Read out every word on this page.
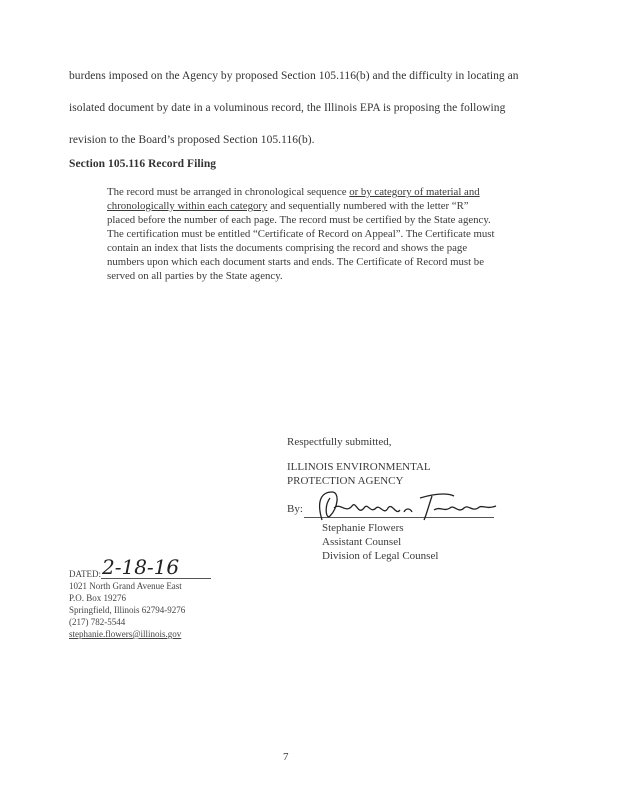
burdens imposed on the Agency by proposed Section 105.116(b) and the difficulty in locating an
isolated document by date in a voluminous record, the Illinois EPA is proposing the following
revision to the Board’s proposed Section 105.116(b).
Section 105.116 Record Filing
The record must be arranged in chronological sequence or by category of material and
chronologically within each category and sequentially numbered with the letter “R”
placed before the number of each page. The record must be certified by the State agency.
The certification must be entitled “Certificate of Record on Appeal”. The Certificate must
contain an index that lists the documents comprising the record and shows the page
numbers upon which each document starts and ends. The Certificate of Record must be
served on all parties by the State agency.
Respectfully submitted,
ILLINOIS ENVIRONMENTAL
PROTECTION AGENCY
By:
Stephanie Flowers
Assistant Counsel
Division of Legal Counsel
DATED: 2-18-16
1021 North Grand Avenue East
P.O. Box 19276
Springfield, Illinois 62794-9276
(217) 782-5544
stephanie.flowers@illinois.gov
7
